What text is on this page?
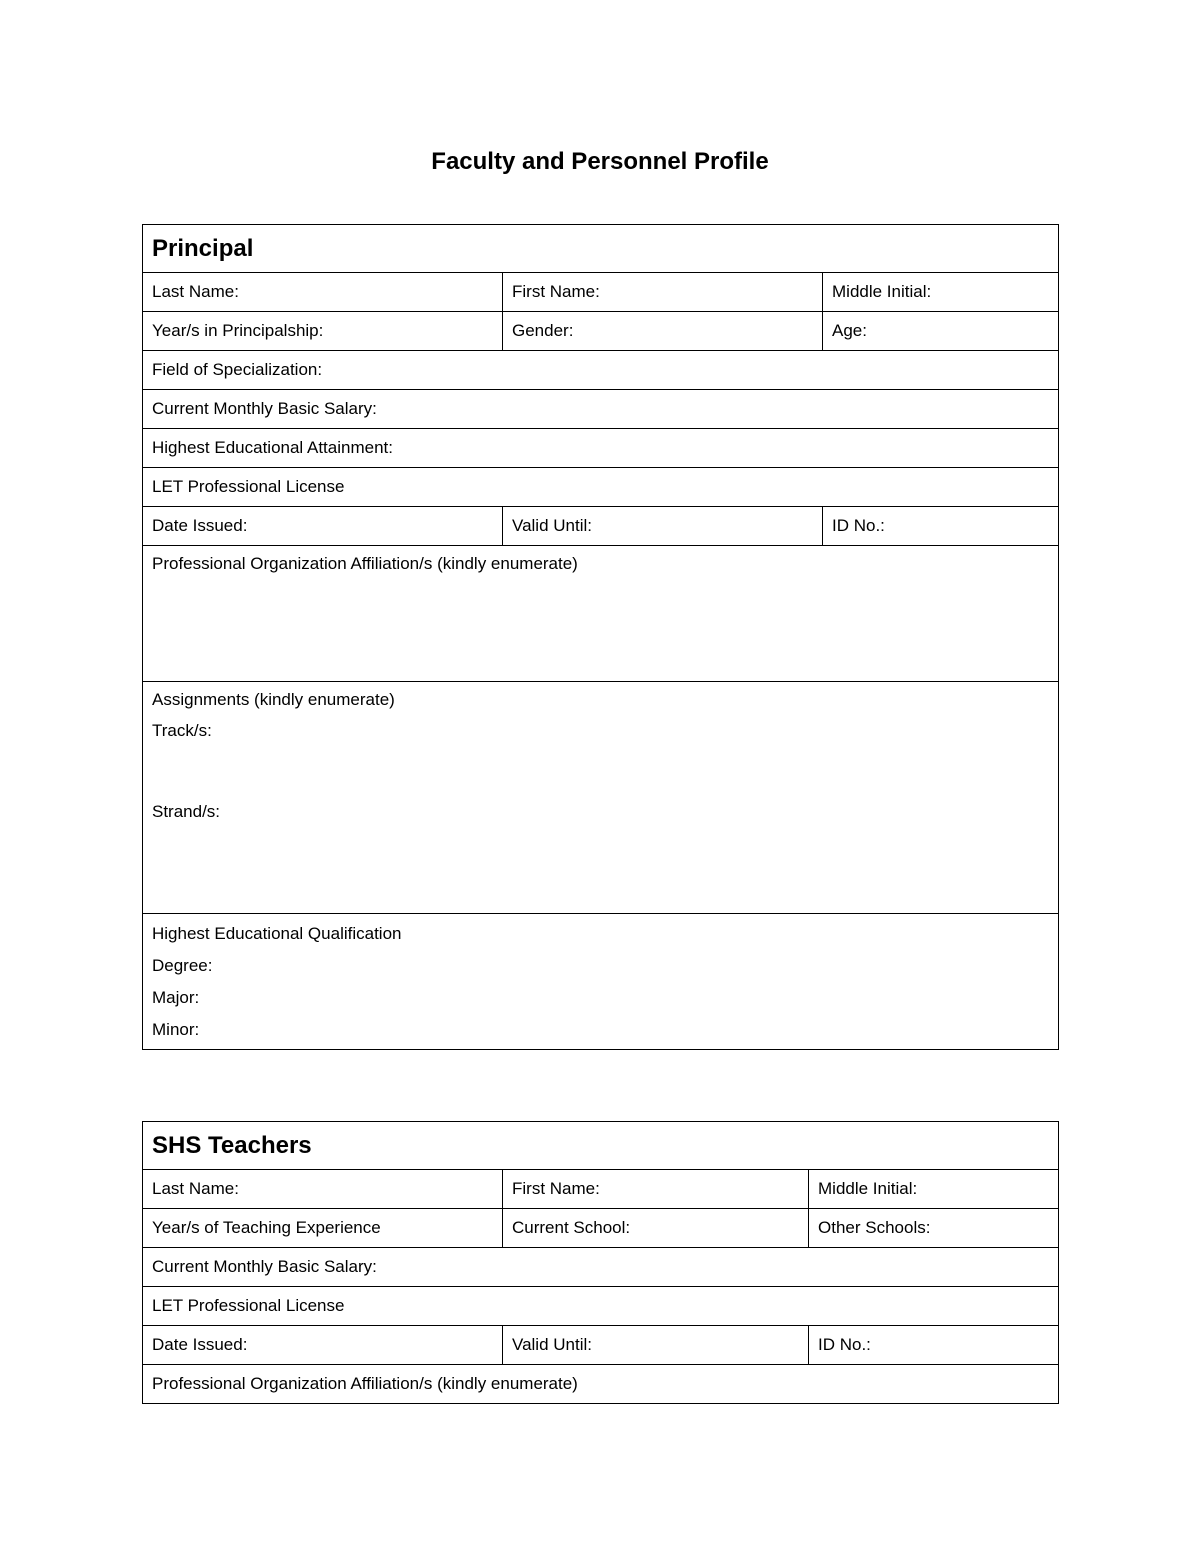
Faculty and Personnel Profile
Principal		
Last Name:	First Name:	Middle Initial:
Year/s in Principalship:	Gender:	Age:
Field of Specialization:		
Current Monthly Basic Salary:		
Highest Educational Attainment:		
LET Professional License		
Date Issued:	Valid Until:	ID No.:

Professional Organization Affiliation/s (kindly enumerate)		

Assignments (kindly enumerate)
Track/s:
Strand/s:		

Highest Educational Qualification
Degree:
Major:
Minor:		
SHS Teachers		
Last Name:	First Name:	Middle Initial:
Year/s of Teaching Experience	Current School:	Other Schools:
Current Monthly Basic Salary:		
LET Professional License		
Date Issued:	Valid Until:	ID No.:
Professional Organization Affiliation/s (kindly enumerate)		
